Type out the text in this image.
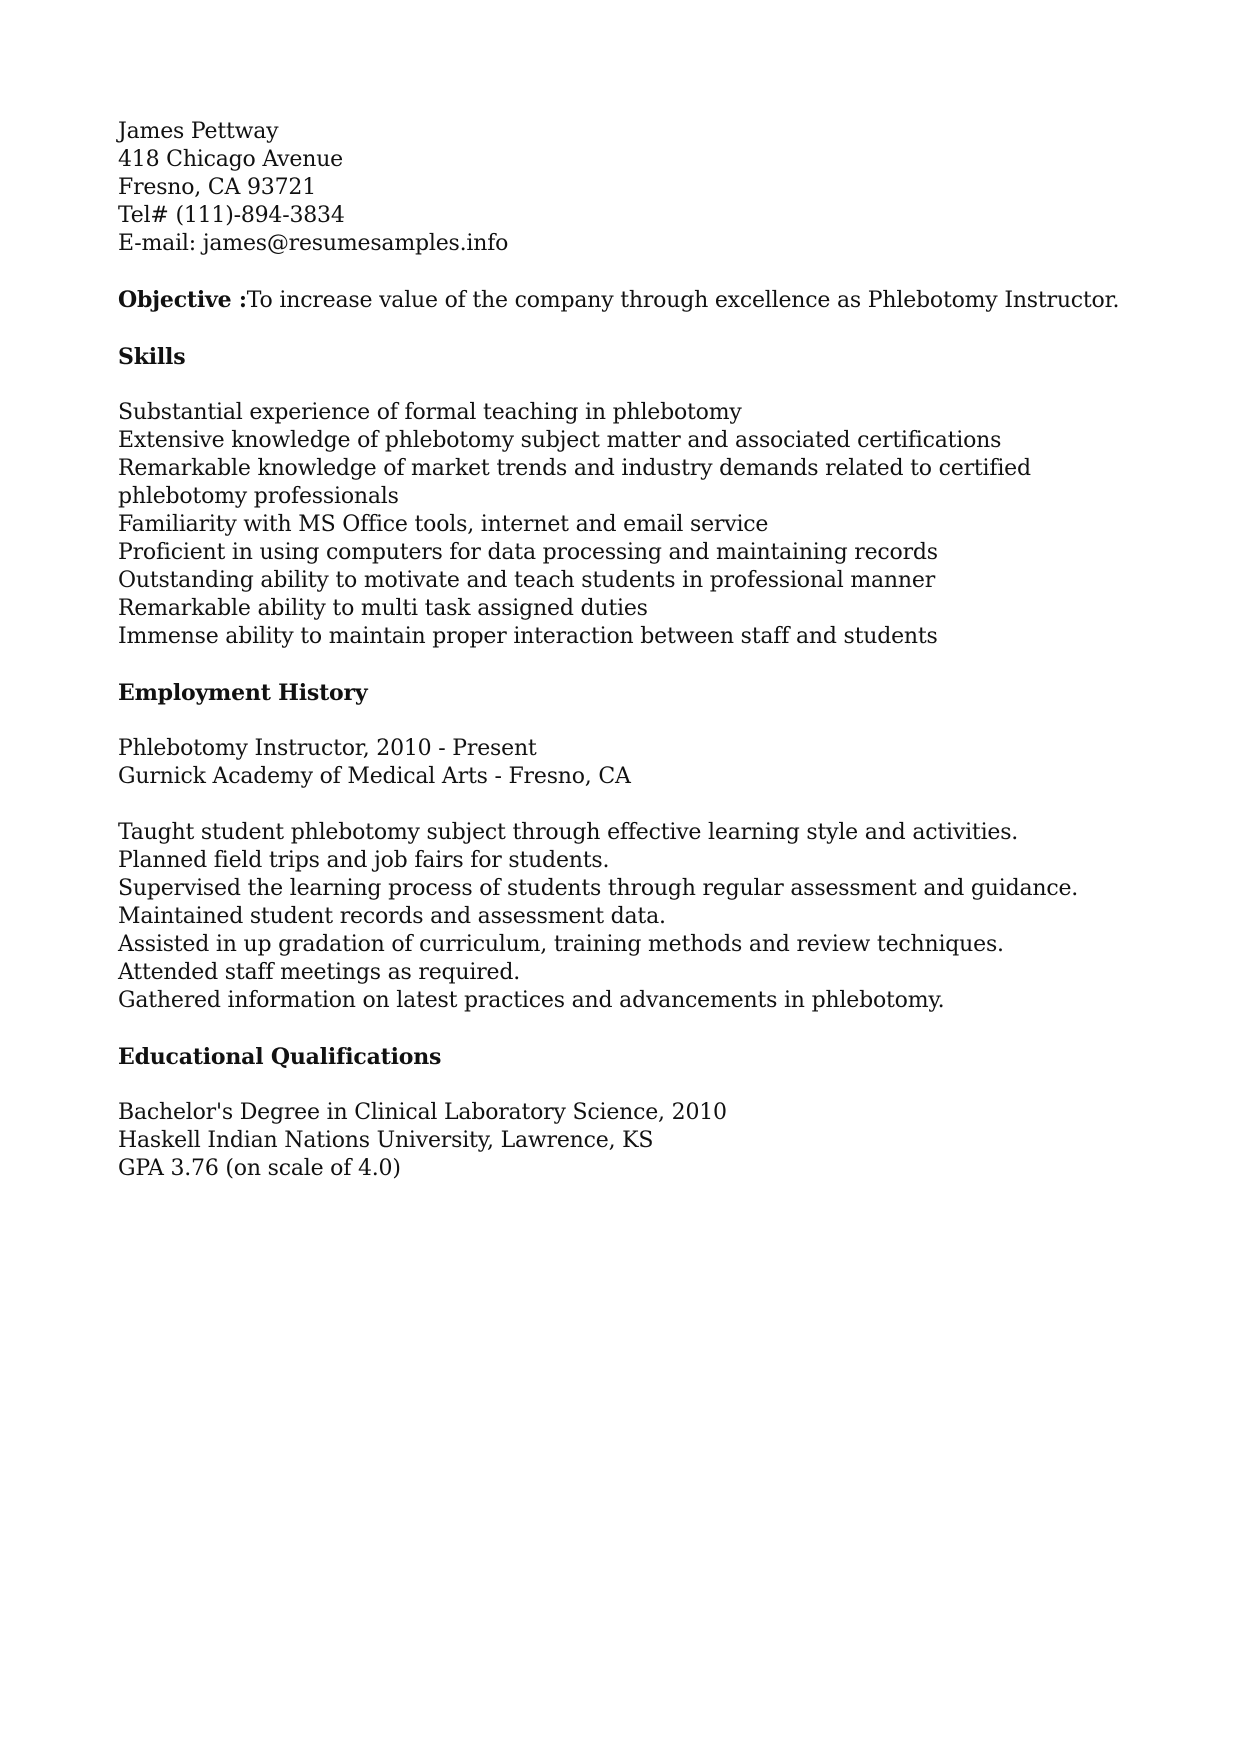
James Pettway
418 Chicago Avenue
Fresno, CA 93721
Tel# (111)-894-3834
E-mail: james@resumesamples.info
Objective :To increase value of the company through excellence as Phlebotomy Instructor.
Skills
Substantial experience of formal teaching in phlebotomy
Extensive knowledge of phlebotomy subject matter and associated certifications
Remarkable knowledge of market trends and industry demands related to certified phlebotomy professionals
Familiarity with MS Office tools, internet and email service
Proficient in using computers for data processing and maintaining records
Outstanding ability to motivate and teach students in professional manner
Remarkable ability to multi task assigned duties
Immense ability to maintain proper interaction between staff and students
Employment History
Phlebotomy Instructor, 2010 - Present
Gurnick Academy of Medical Arts - Fresno, CA
Taught student phlebotomy subject through effective learning style and activities.
Planned field trips and job fairs for students.
Supervised the learning process of students through regular assessment and guidance.
Maintained student records and assessment data.
Assisted in up gradation of curriculum, training methods and review techniques.
Attended staff meetings as required.
Gathered information on latest practices and advancements in phlebotomy.
Educational Qualifications
Bachelor's Degree in Clinical Laboratory Science, 2010
Haskell Indian Nations University, Lawrence, KS
GPA 3.76 (on scale of 4.0)
